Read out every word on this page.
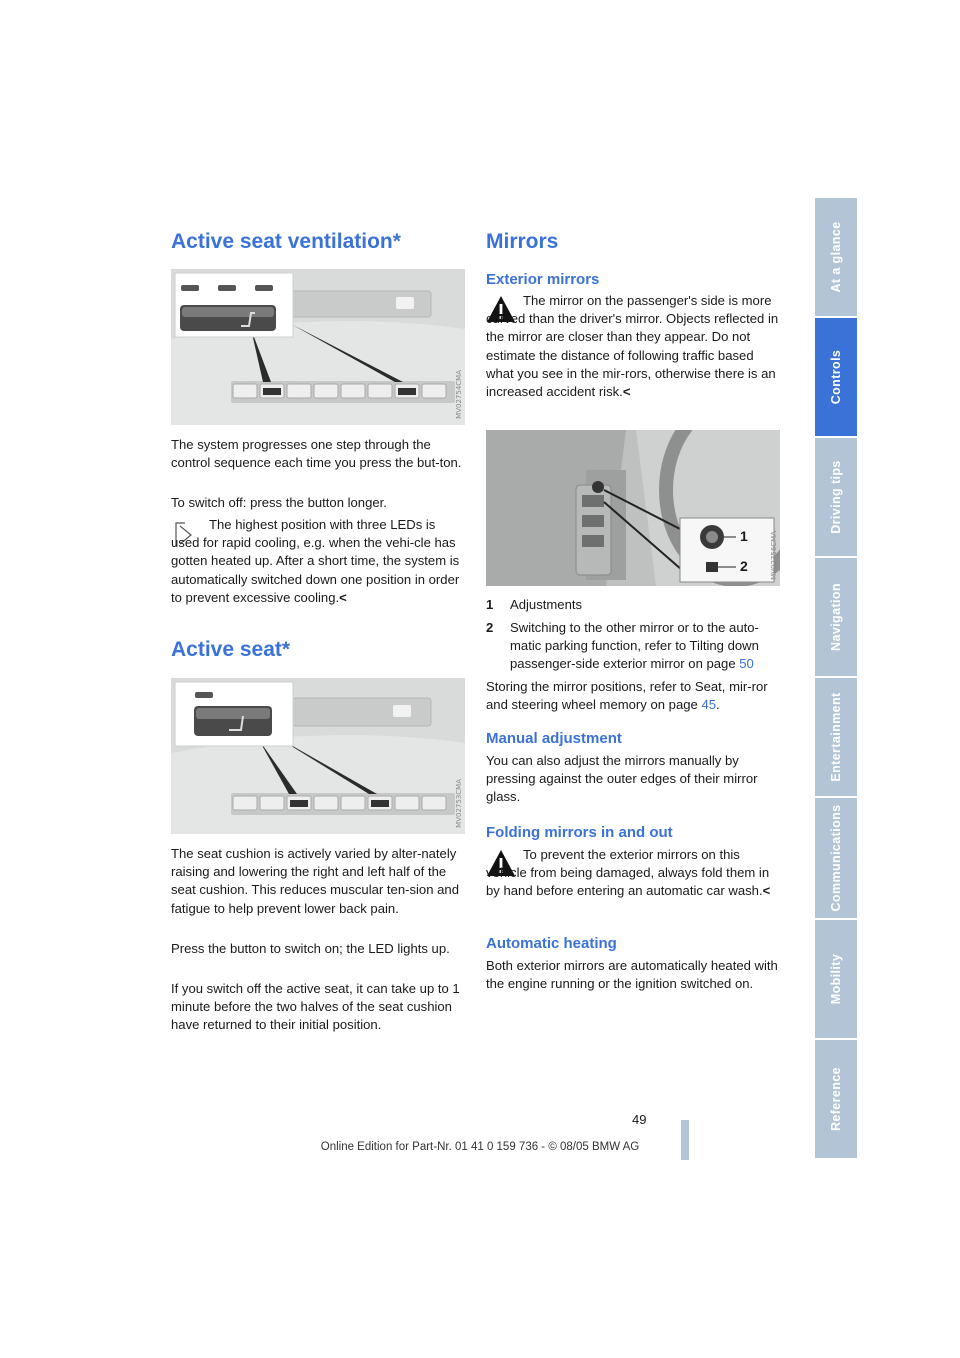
Active seat ventilation*
MV02754CMA

The system progresses one step through the control sequence each time you press the but-ton.

To switch off: press the button longer.

The highest position with three LEDs is used for rapid cooling, e.g. when the vehi-cle has gotten heated up. After a short time, the system is automatically switched down one position in order to prevent excessive cooling.<
Active seat*
MV02753CMA

The seat cushion is actively varied by alter-nately raising and lowering the right and left half of the seat cushion. This reduces muscular ten-sion and fatigue to help prevent lower back pain.

Press the button to switch on; the LED lights up.

If you switch off the active seat, it can take up to 1 minute before the two halves of the seat cushion have returned to their initial position.

Mirrors
Exterior mirrors
The mirror on the passenger's side is more curved than the driver's mirror. Objects reflected in the mirror are closer than they appear. Do not estimate the distance of following traffic based what you see in the mir-rors, otherwise there is an increased accident risk.<
1
2	MV02756CMA
1 Adjustments
2 Switching to the other mirror or to the auto-matic parking function, refer to Tilting down passenger-side exterior mirror on page 50

Storing the mirror positions, refer to Seat, mir-ror and steering wheel memory on page 45.

Manual adjustment

You can also adjust the mirrors manually by pressing against the outer edges of their mirror glass.

Folding mirrors in and out
To prevent the exterior mirrors on this vehicle from being damaged, always fold them in by hand before entering an automatic car wash.<
Automatic heating

Both exterior mirrors are automatically heated with the engine running or the ignition switched on.

At a glance
Controls
Driving tips
Navigation
Entertainment
Communications
Mobility
Reference
49
Online Edition for Part-Nr. 01 41 0 159 736 - © 08/05 BMW AG
